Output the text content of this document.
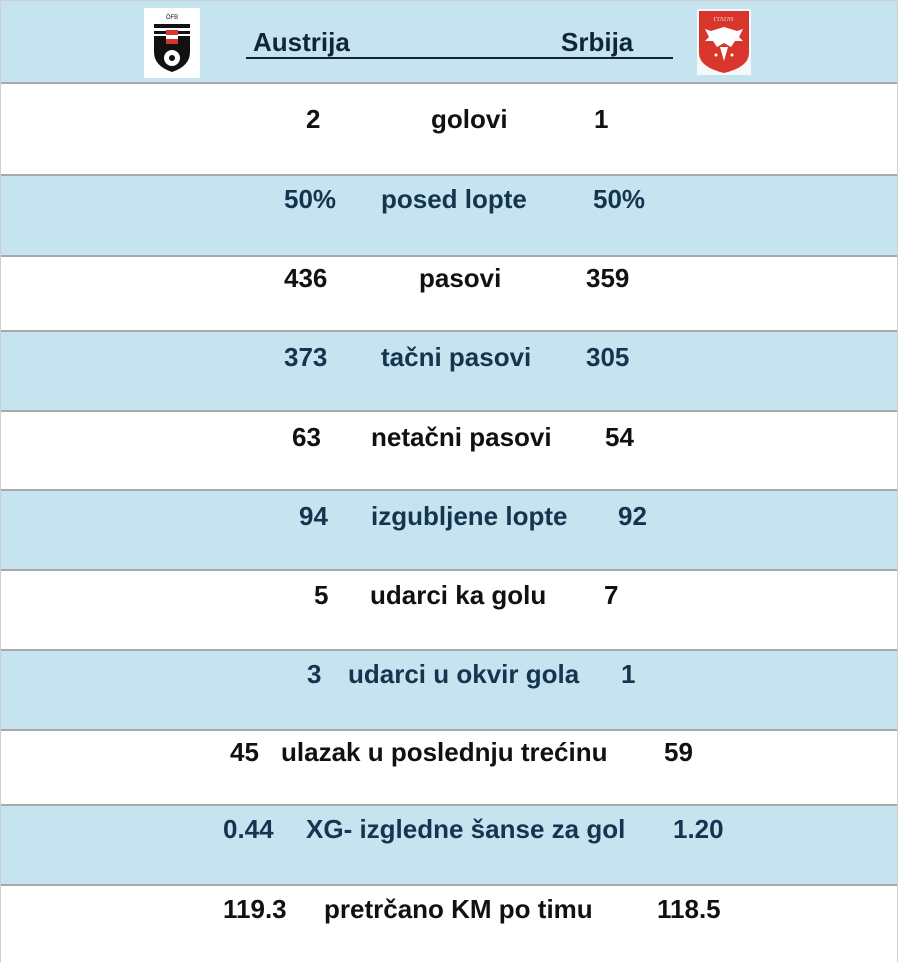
ÖFB
Austrija	Srbija
ΓΓΛΓΛΥ
2	golovi	1
50% posed lopte	50%
436	pasovi	359
373 tačni pasovi 305
63 netačni pasovi 54
94 izgubljene lopte 92
5 udarci ka golu 7
3 udarci u okvir gola 1
45 ulazak u poslednju trećinu 59
0.44 XG- izgledne šanse za gol 1.20
119.3 pretrčano KM po timu 118.5
